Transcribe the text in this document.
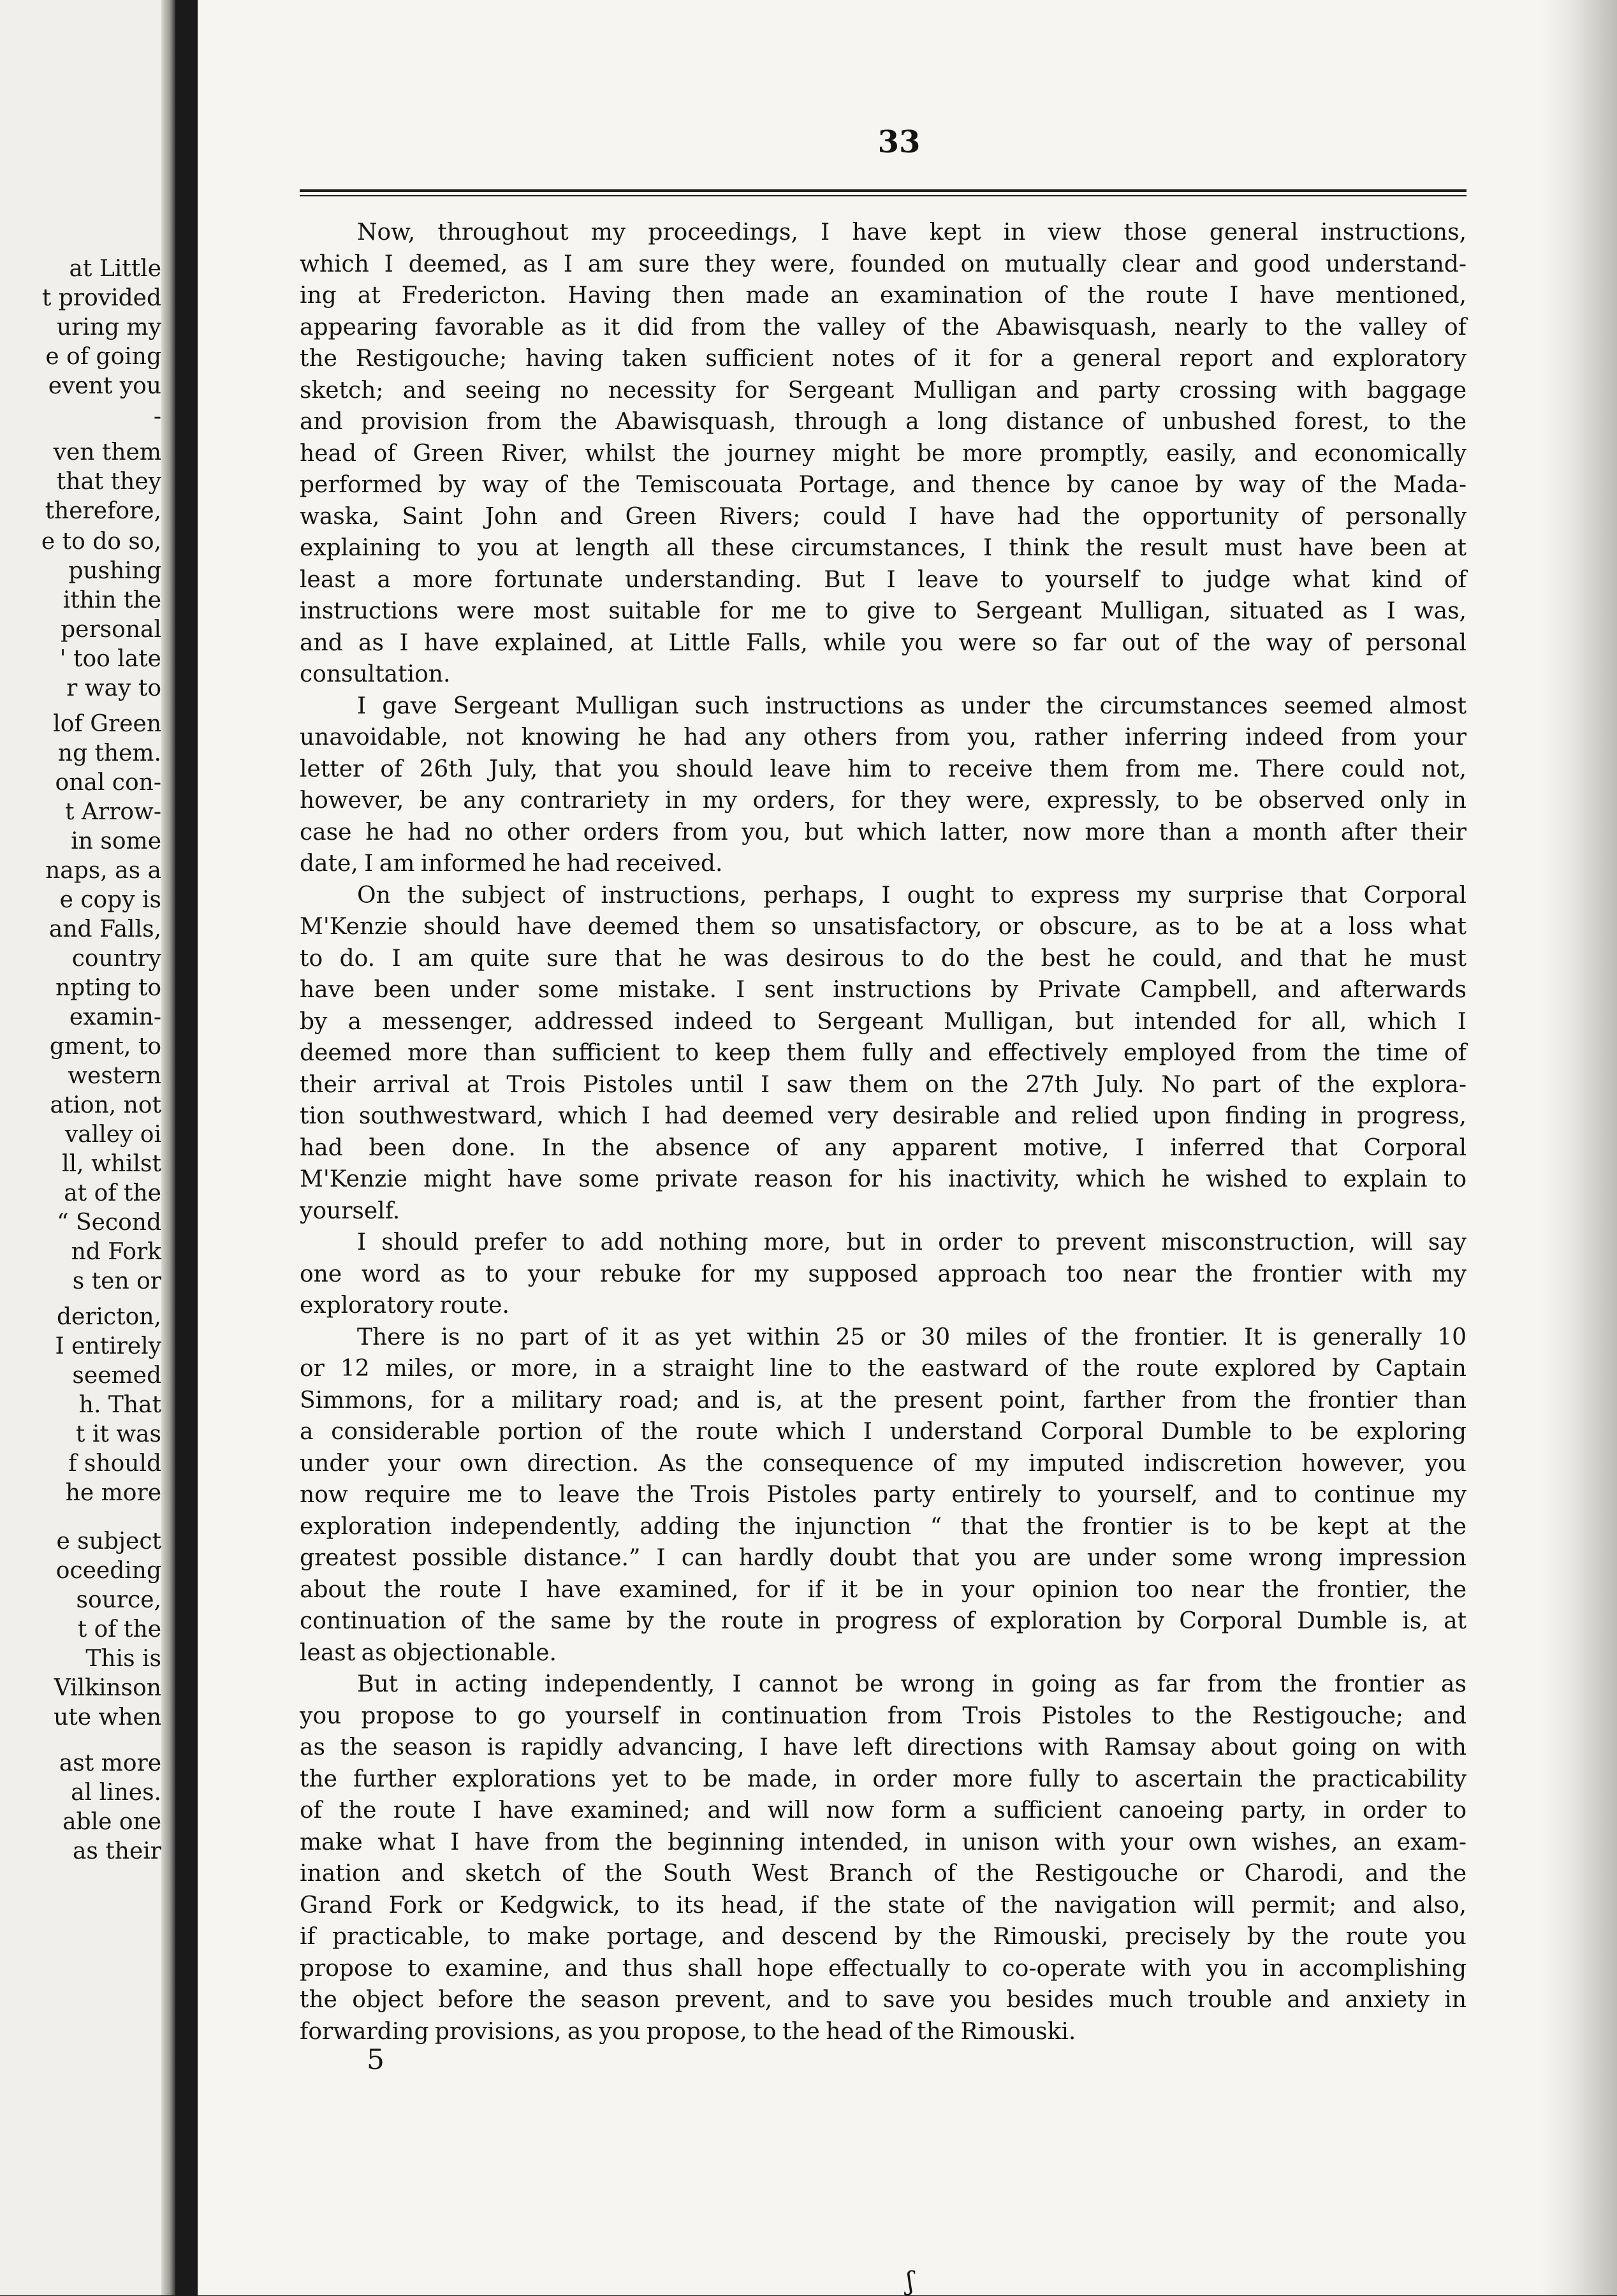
at Little
t provided
uring my
e of going
event you
-
ven them
that they
therefore,
e to do so,
pushing
ithin the
personal
' too late
r way to
lof Green
ng them.
onal con-
t Arrow-
in some
naps, as a
e copy is
and Falls,
country
npting to
examin-
gment, to
western
ation, not
valley oi
ll, whilst
at of the
“ Second
nd Fork
s ten or
dericton,
I entirely
seemed
h. That
t it was
f should
he more
e subject
oceeding
source,
t of the
This is
Vilkinson
ute when
ast more
al lines.
able one
as their
33
Now, throughout my proceedings, I have kept in view those general instructions,
which I deemed, as I am sure they were, founded on mutually clear and good understand-
ing at Fredericton. Having then made an examination of the route I have mentioned,
appearing favorable as it did from the valley of the Abawisquash, nearly to the valley of
the Restigouche; having taken sufficient notes of it for a general report and exploratory
sketch; and seeing no necessity for Sergeant Mulligan and party crossing with baggage
and provision from the Abawisquash, through a long distance of unbushed forest, to the
head of Green River, whilst the journey might be more promptly, easily, and economically
performed by way of the Temiscouata Portage, and thence by canoe by way of the Mada-
waska, Saint John and Green Rivers; could I have had the opportunity of personally
explaining to you at length all these circumstances, I think the result must have been at
least a more fortunate understanding. But I leave to yourself to judge what kind of
instructions were most suitable for me to give to Sergeant Mulligan, situated as I was,
and as I have explained, at Little Falls, while you were so far out of the way of personal
consultation.
I gave Sergeant Mulligan such instructions as under the circumstances seemed almost
unavoidable, not knowing he had any others from you, rather inferring indeed from your
letter of 26th July, that you should leave him to receive them from me. There could not,
however, be any contrariety in my orders, for they were, expressly, to be observed only in
case he had no other orders from you, but which latter, now more than a month after their
date, I am informed he had received.
On the subject of instructions, perhaps, I ought to express my surprise that Corporal
M'Kenzie should have deemed them so unsatisfactory, or obscure, as to be at a loss what
to do. I am quite sure that he was desirous to do the best he could, and that he must
have been under some mistake. I sent instructions by Private Campbell, and afterwards
by a messenger, addressed indeed to Sergeant Mulligan, but intended for all, which I
deemed more than sufficient to keep them fully and effectively employed from the time of
their arrival at Trois Pistoles until I saw them on the 27th July. No part of the explora-
tion southwestward, which I had deemed very desirable and relied upon finding in progress,
had been done. In the absence of any apparent motive, I inferred that Corporal
M'Kenzie might have some private reason for his inactivity, which he wished to explain to
yourself.
I should prefer to add nothing more, but in order to prevent misconstruction, will say
one word as to your rebuke for my supposed approach too near the frontier with my
exploratory route.
There is no part of it as yet within 25 or 30 miles of the frontier. It is generally 10
or 12 miles, or more, in a straight line to the eastward of the route explored by Captain
Simmons, for a military road; and is, at the present point, farther from the frontier than
a considerable portion of the route which I understand Corporal Dumble to be exploring
under your own direction. As the consequence of my imputed indiscretion however, you
now require me to leave the Trois Pistoles party entirely to yourself, and to continue my
exploration independently, adding the injunction “ that the frontier is to be kept at the
greatest possible distance.” I can hardly doubt that you are under some wrong impression
about the route I have examined, for if it be in your opinion too near the frontier, the
continuation of the same by the route in progress of exploration by Corporal Dumble is, at
least as objectionable.
But in acting independently, I cannot be wrong in going as far from the frontier as
you propose to go yourself in continuation from Trois Pistoles to the Restigouche; and
as the season is rapidly advancing, I have left directions with Ramsay about going on with
the further explorations yet to be made, in order more fully to ascertain the practicability
of the route I have examined; and will now form a sufficient canoeing party, in order to
make what I have from the beginning intended, in unison with your own wishes, an exam-
ination and sketch of the South West Branch of the Restigouche or Charodi, and the
Grand Fork or Kedgwick, to its head, if the state of the navigation will permit; and also,
if practicable, to make portage, and descend by the Rimouski, precisely by the route you
propose to examine, and thus shall hope effectually to co-operate with you in accomplishing
the object before the season prevent, and to save you besides much trouble and anxiety in
forwarding provisions, as you propose, to the head of the Rimouski.
5
ʃ
